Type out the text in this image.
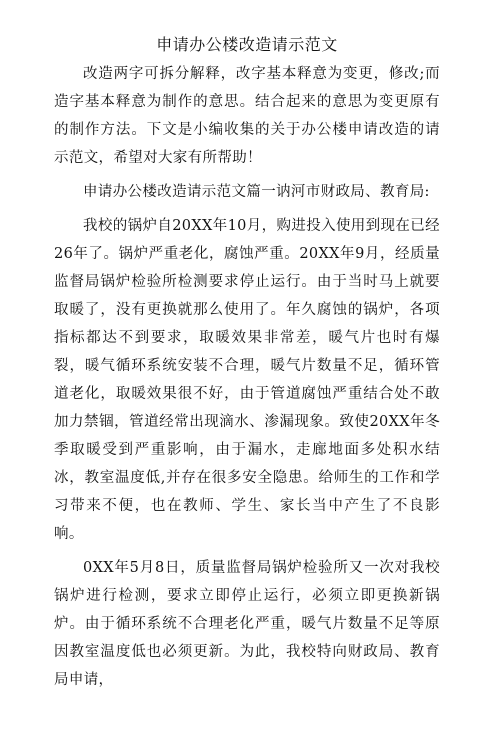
申请办公楼改造请示范文

改造两字可拆分解释，改字基本释意为变更，修改;而造字基本释意为制作的意思。结合起来的意思为变更原有的制作方法。下文是小编收集的关于办公楼申请改造的请示范文，希望对大家有所帮助！

申请办公楼改造请示范文篇一讷河市财政局、教育局:

我校的锅炉自20XX年10月，购进投入使用到现在已经26年了。锅炉严重老化，腐蚀严重。20XX年9月，经质量监督局锅炉检验所检测要求停止运行。由于当时马上就要取暖了，没有更换就那么使用了。年久腐蚀的锅炉，各项指标都达不到要求，取暖效果非常差，暖气片也时有爆裂，暖气循环系统安装不合理，暖气片数量不足，循环管道老化，取暖效果很不好，由于管道腐蚀严重结合处不敢加力禁锢，管道经常出现滴水、渗漏现象。致使20XX年冬季取暖受到严重影响，由于漏水，走廊地面多处积水结冰，教室温度低,并存在很多安全隐患。给师生的工作和学习带来不便，也在教师、学生、家长当中产生了不良影响。

0XX年5月8日，质量监督局锅炉检验所又一次对我校锅炉进行检测，要求立即停止运行，必须立即更换新锅炉。由于循环系统不合理老化严重，暖气片数量不足等原因教室温度低也必须更新。为此，我校特向财政局、教育局申请，
